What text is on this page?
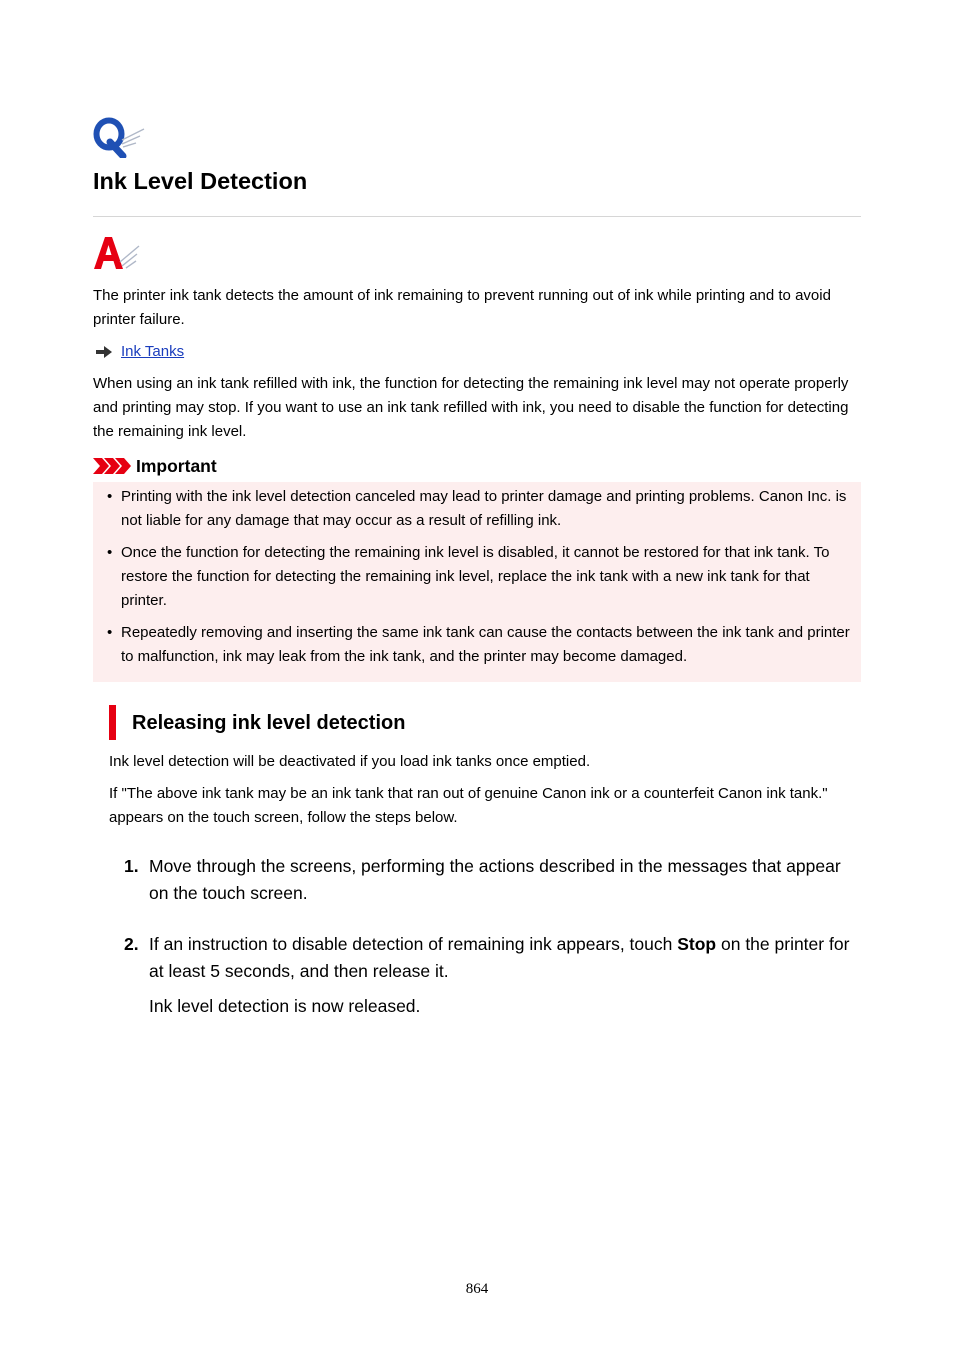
Ink Level Detection

The printer ink tank detects the amount of ink remaining to prevent running out of ink while printing and to avoid printer failure.

Ink Tanks

When using an ink tank refilled with ink, the function for detecting the remaining ink level may not operate properly and printing may stop. If you want to use an ink tank refilled with ink, you need to disable the function for detecting the remaining ink level.

Important
• Printing with the ink level detection canceled may lead to printer damage and printing problems. Canon Inc. is not liable for any damage that may occur as a result of refilling ink.
• Once the function for detecting the remaining ink level is disabled, it cannot be restored for that ink tank. To restore the function for detecting the remaining ink level, replace the ink tank with a new ink tank for that printer.
• Repeatedly removing and inserting the same ink tank can cause the contacts between the ink tank and printer to malfunction, ink may leak from the ink tank, and the printer may become damaged.
Releasing ink level detection

Ink level detection will be deactivated if you load ink tanks once emptied.

If "The above ink tank may be an ink tank that ran out of genuine Canon ink or a counterfeit Canon ink tank." appears on the touch screen, follow the steps below.

1. Move through the screens, performing the actions described in the messages that appear on the touch screen.
2. If an instruction to disable detection of remaining ink appears, touch Stop on the printer for at least 5 seconds, and then release it.

Ink level detection is now released.

864
